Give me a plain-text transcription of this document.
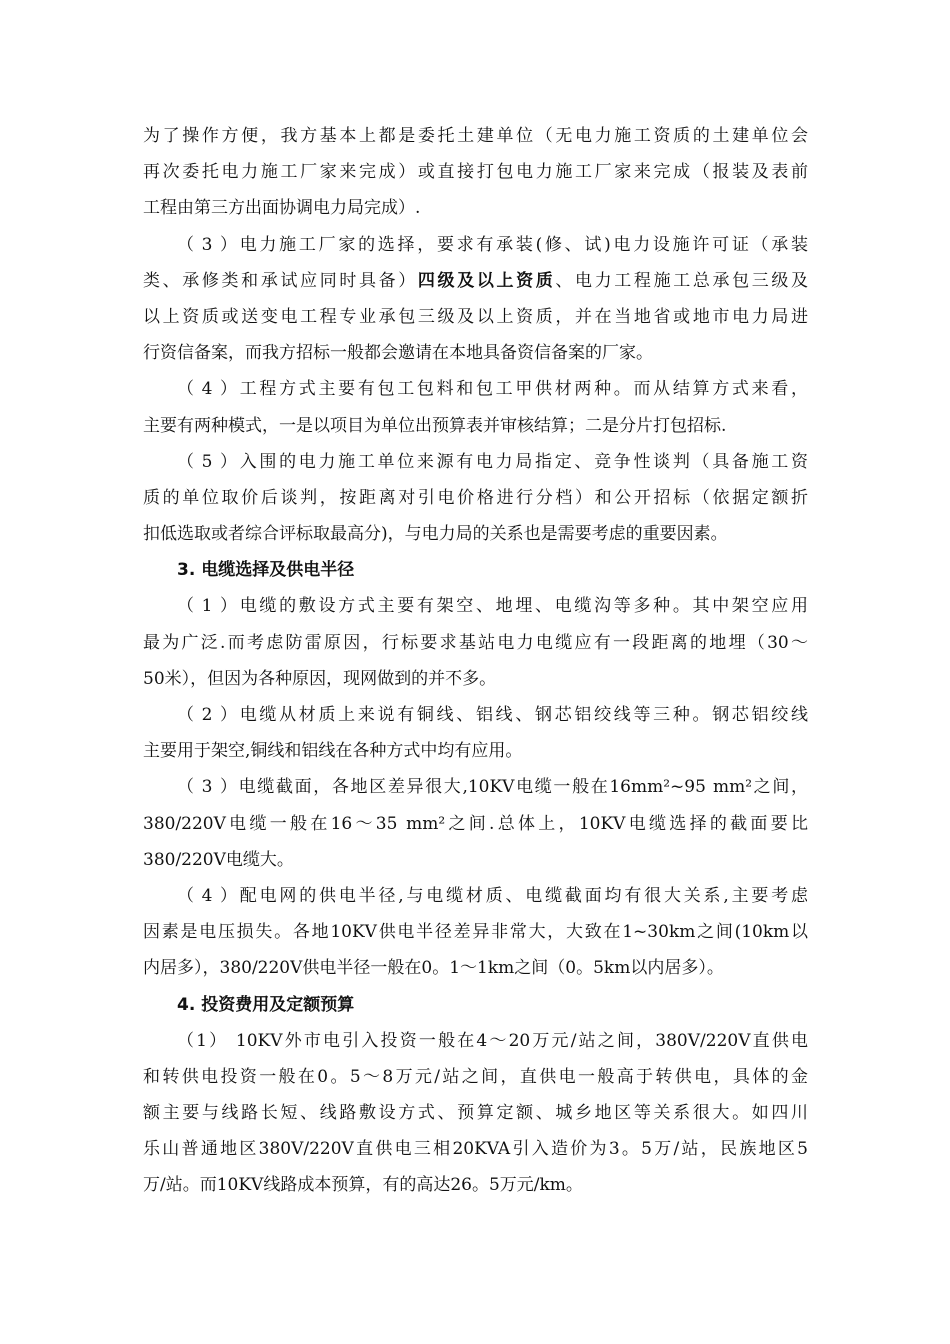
为了操作方便，我方基本上都是委托土建单位（无电力施工资质的土建单位会
再次委托电力施工厂家来完成）或直接打包电力施工厂家来完成（报装及表前
工程由第三方出面协调电力局完成）.
（3）电力施工厂家的选择，要求有承装(修、试)电力设施许可证（承装
类、承修类和承试应同时具备）四级及以上资质、电力工程施工总承包三级及
以上资质或送变电工程专业承包三级及以上资质，并在当地省或地市电力局进
行资信备案，而我方招标一般都会邀请在本地具备资信备案的厂家。
（4）工程方式主要有包工包料和包工甲供材两种。而从结算方式来看，
主要有两种模式，一是以项目为单位出预算表并审核结算；二是分片打包招标.
（5）入围的电力施工单位来源有电力局指定、竞争性谈判（具备施工资
质的单位取价后谈判，按距离对引电价格进行分档）和公开招标（依据定额折
扣低选取或者综合评标取最高分)，与电力局的关系也是需要考虑的重要因素。
3. 电缆选择及供电半径
（1）电缆的敷设方式主要有架空、地埋、电缆沟等多种。其中架空应用
最为广泛.而考虑防雷原因，行标要求基站电力电缆应有一段距离的地埋（30～
50米），但因为各种原因，现网做到的并不多。
（2）电缆从材质上来说有铜线、铝线、钢芯铝绞线等三种。钢芯铝绞线
主要用于架空,铜线和铝线在各种方式中均有应用。
（3）电缆截面，各地区差异很大,10KV电缆一般在16mm²~95 mm²之间，
380/220V电缆一般在16～35 mm²之间.总体上，10KV电缆选择的截面要比
380/220V电缆大。
（4）配电网的供电半径,与电缆材质、电缆截面均有很大关系,主要考虑
因素是电压损失。各地10KV供电半径差异非常大，大致在1~30km之间(10km以
内居多），380/220V供电半径一般在0。1～1km之间（0。5km以内居多）。
4. 投资费用及定额预算
（1） 10KV外市电引入投资一般在4～20万元/站之间，380V/220V直供电
和转供电投资一般在0。5～8万元/站之间，直供电一般高于转供电，具体的金
额主要与线路长短、线路敷设方式、预算定额、城乡地区等关系很大。如四川
乐山普通地区380V/220V直供电三相20KVA引入造价为3。5万/站，民族地区5
万/站。而10KV线路成本预算，有的高达26。5万元/km。
